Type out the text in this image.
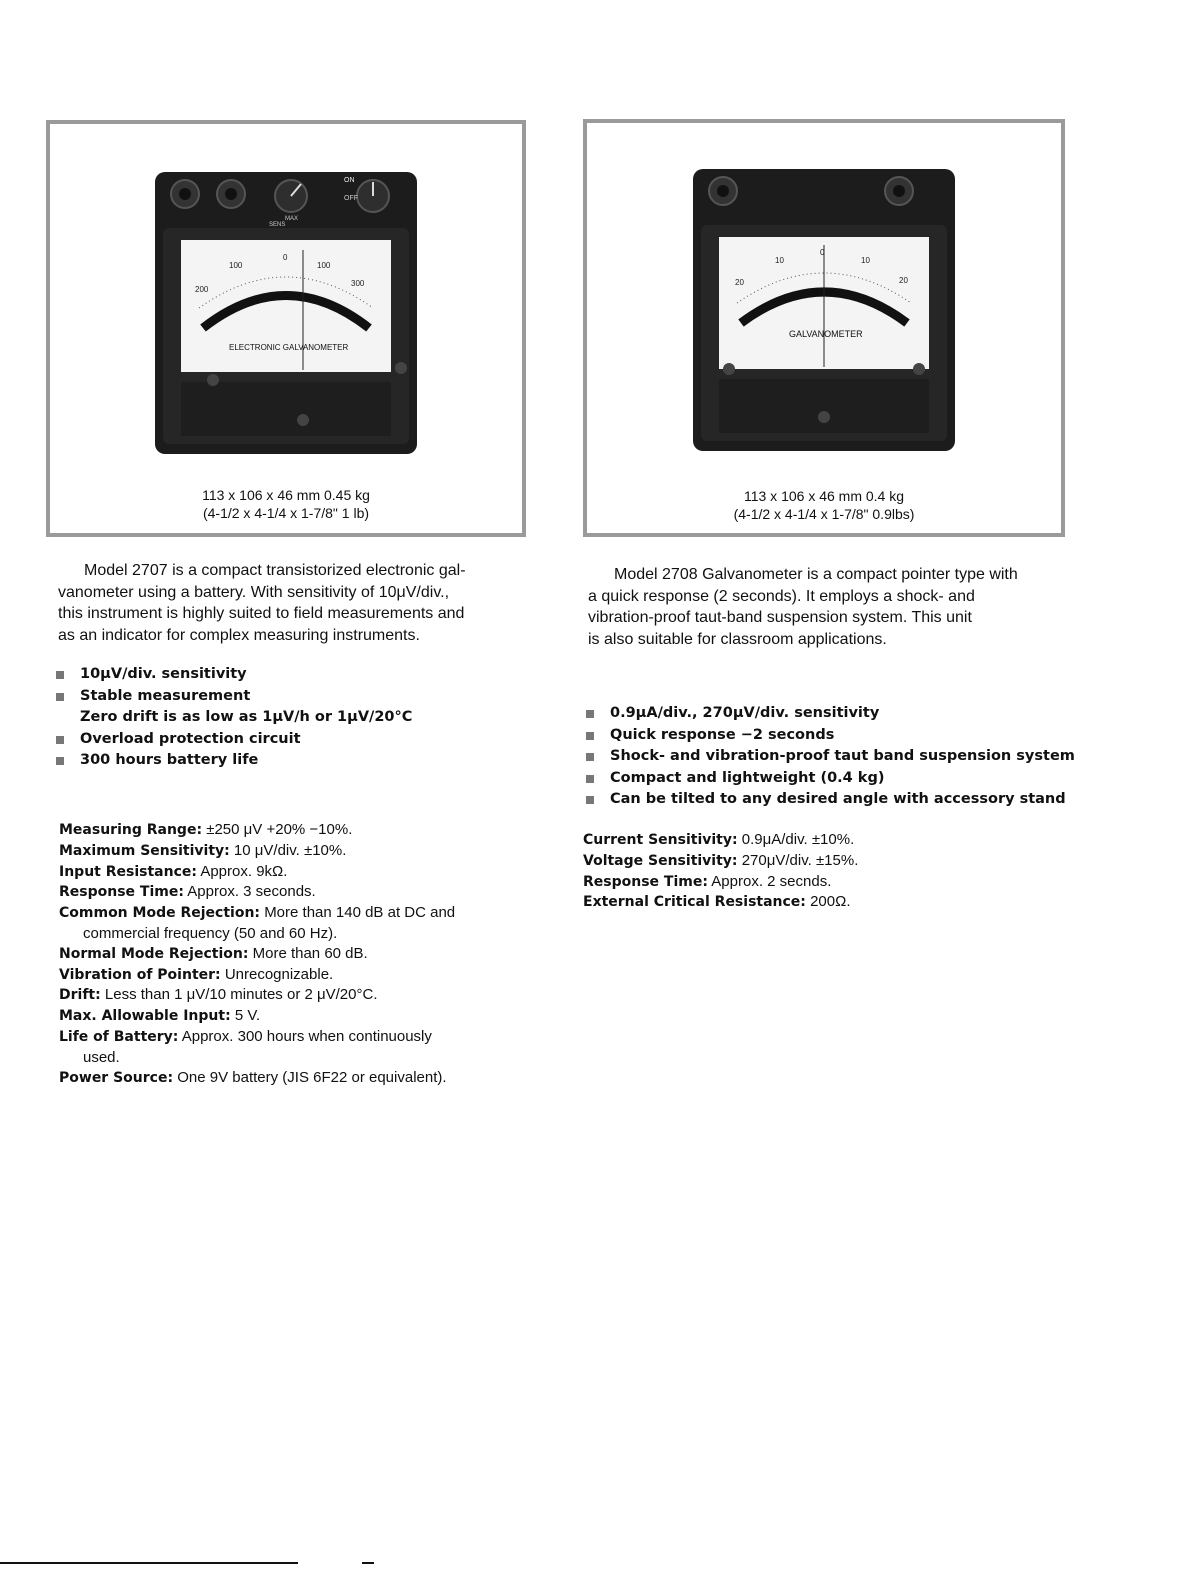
ON
OFF
MAX
SENS
200
100
0
100
300
ELECTRONIC GALVANOMETER
113 x 106 x 46 mm 0.45 kg
(4-1/2 x 4-1/4 x 1-7/8" 1 lb)
20
10
0
10
20
GALVANOMETER
113 x 106 x 46 mm 0.4 kg
(4-1/2 x 4-1/4 x 1-7/8" 0.9lbs)
Model 2707 is a compact transistorized electronic gal-
vanometer using a battery. With sensitivity of 10μV/div.,
this instrument is highly suited to field measurements and
as an indicator for complex measuring instruments.
Model 2708 Galvanometer is a compact pointer type with
a quick response (2 seconds). It employs a shock- and
vibration-proof taut-band suspension system. This unit
is also suitable for classroom applications.
10μV/div. sensitivity
Stable measurement
Zero drift is as low as 1μV/h or 1μV/20°C
Overload protection circuit
300 hours battery life
0.9μA/div., 270μV/div. sensitivity
Quick response −2 seconds
Shock- and vibration-proof taut band suspension system
Compact and lightweight (0.4 kg)
Can be tilted to any desired angle with accessory stand
Measuring Range: ±250 μV +20% −10%.
Maximum Sensitivity: 10 μV/div. ±10%.
Input Resistance: Approx. 9kΩ.
Response Time: Approx. 3 seconds.
Common Mode Rejection: More than 140 dB at DC and
commercial frequency (50 and 60 Hz).
Normal Mode Rejection: More than 60 dB.
Vibration of Pointer: Unrecognizable.
Drift: Less than 1 μV/10 minutes or 2 μV/20°C.
Max. Allowable Input: 5 V.
Life of Battery: Approx. 300 hours when continuously
used.
Power Source: One 9V battery (JIS 6F22 or equivalent).
Current Sensitivity: 0.9μA/div. ±10%.
Voltage Sensitivity: 270μV/div. ±15%.
Response Time: Approx. 2 secnds.
External Critical Resistance: 200Ω.
